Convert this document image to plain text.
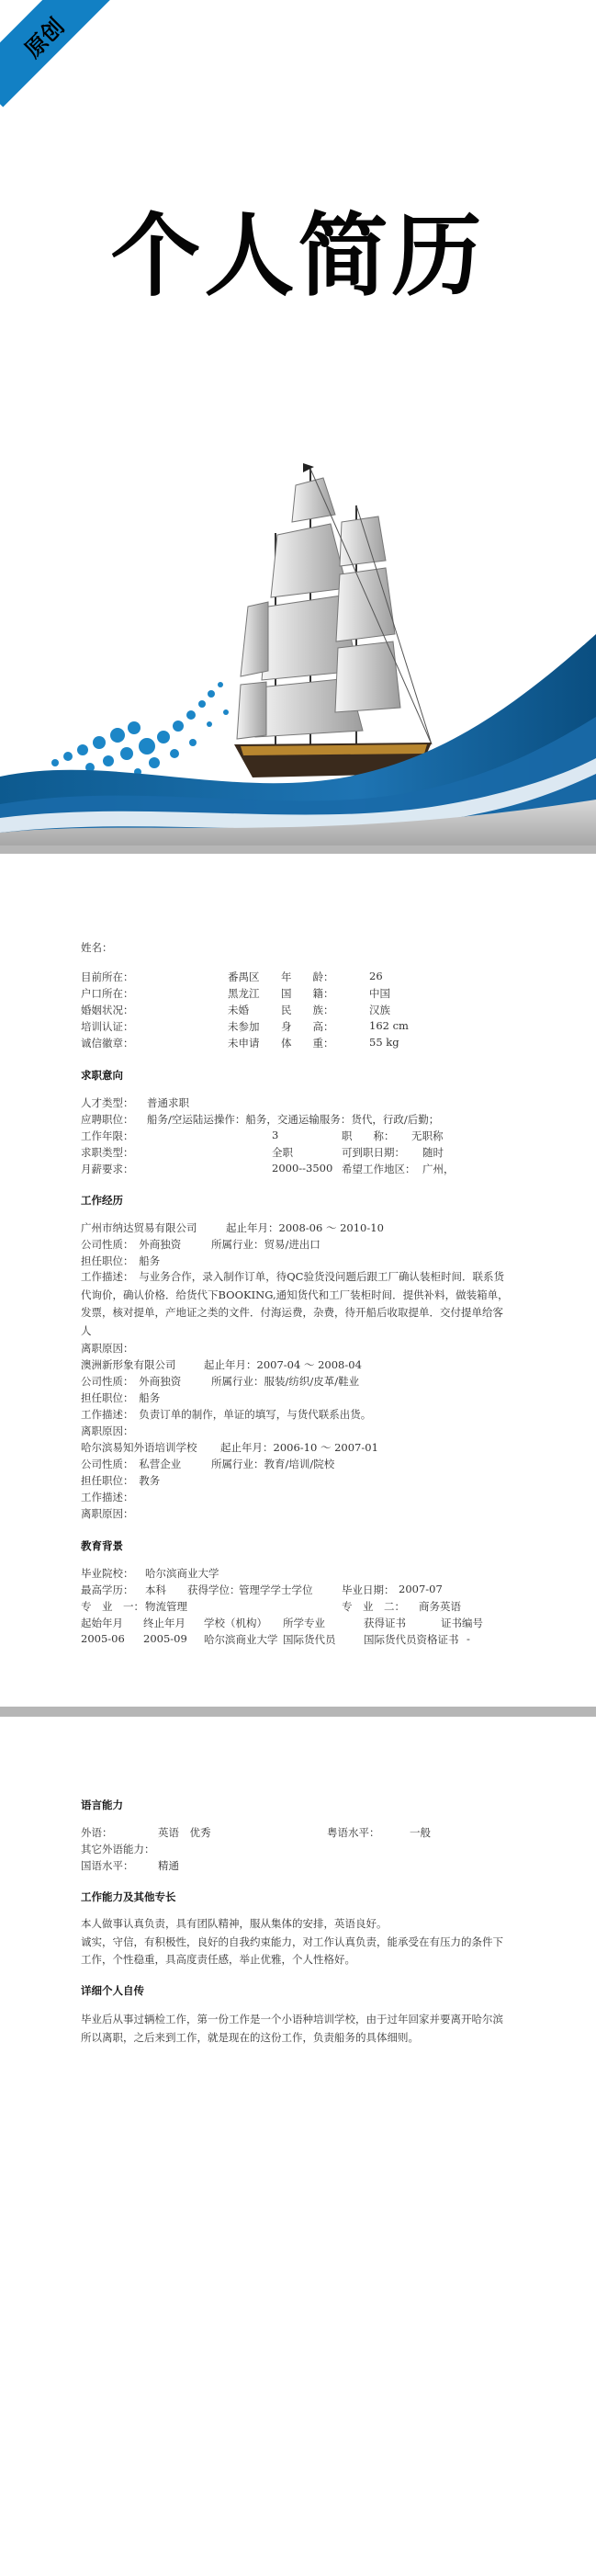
原创
个人简历
姓名：
目前所在：	番禺区 年　　龄：	26
户口所在：	黑龙江 国　　籍：	中国
婚姻状况：	未婚	民　　族：	汉族
培训认证：	未参加 身　　高：	162 cm
诚信徽章：	未申请 体　　重：	55 kg
求职意向
人才类型： 普通求职
应聘职位： 船务/空运陆运操作：船务，交通运输服务：货代，行政/后勤；
工作年限：	3	职　　称： 无职称
求职类型：	全职	可到职日期： 随时
月薪要求：	2000--3500 希望工作地区： 广州，
工作经历
广州市纳达贸易有限公司	起止年月：2008-06 ～ 2010-10
公司性质：　外商独资	所属行业：贸易/进出口
担任职位：　船务
工作描述：　与业务合作，录入制作订单，待QC验货没问题后跟工厂确认装柜时间．联系货代询价，确认价格．给货代下BOOKING,通知货代和工厂装柜时间．提供补料，做装箱单，发票，核对提单，产地证之类的文件．付海运费，杂费，待开船后收取提单．交付提单给客人
离职原因：
澳洲新形象有限公司	起止年月：2007-04 ～ 2008-04
公司性质：　外商独资	所属行业：服装/纺织/皮革/鞋业
担任职位：　船务
工作描述：　负责订单的制作，单证的填写，与货代联系出货。
离职原因：
哈尔滨易知外语培训学校 起止年月：2006-10 ～ 2007-01
公司性质：　私营企业	所属行业：教育/培训/院校
担任职位：　教务
工作描述：
离职原因：
教育背景
毕业院校： 哈尔滨商业大学
最高学历： 本科 获得学位：
管理学学士学位	毕业日期： 2007-07
专　业　一： 物流管理	专　业　二： 商务英语
起始年月 终止年月 学校（机构） 所学专业	获得证书	证书编号
2005-06 2005-09 哈尔滨商业大学 国际货代员	国际货代员资格证书 -
语言能力
外语：	英语　优秀	粤语水平：	一般
其它外语能力：
国语水平： 精通
工作能力及其他专长
本人做事认真负责，具有团队精神，服从集体的安排，英语良好。
诚实，守信，有积极性，良好的自我约束能力，对工作认真负责，能承受在有压力的条件下工作，个性稳重，具高度责任感，举止优雅，个人性格好。
详细个人自传
毕业后从事过辆检工作，第一份工作是一个小语种培训学校，由于过年回家并要离开哈尔滨所以离职，之后来到工作，就是现在的这份工作，负责船务的具体细则。
